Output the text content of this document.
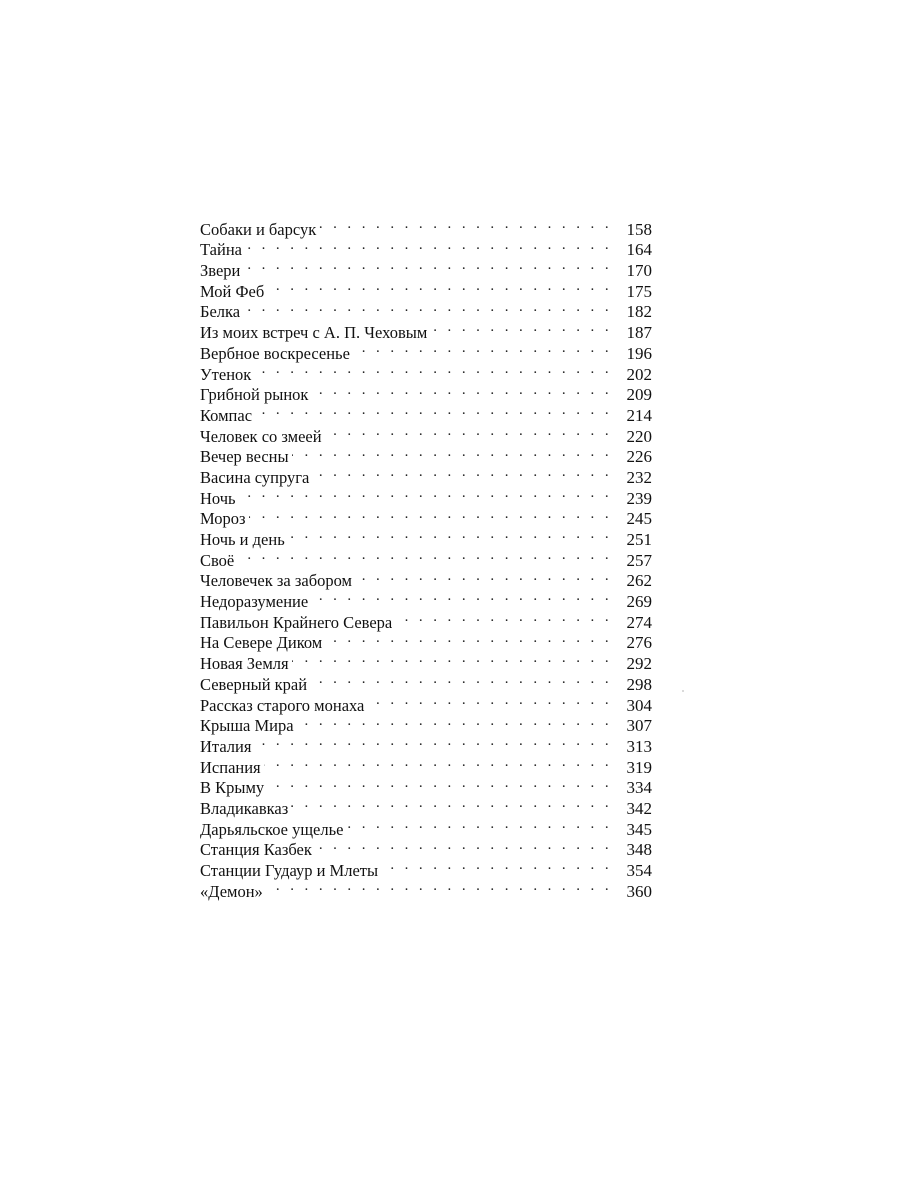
Собаки и барсук . . .	158
Тайна . . .	164
Звери . . .	170
Мой Феб . . .	175
Белка . . .	182
Из моих встреч с А. П. Чеховым . . .	187
Вербное воскресенье . . .	196
Утенок . . .	202
Грибной рынок . . .	209
Компас . . .	214
Человек со змеей . . .	220
Вечер весны . . .	226
Васина супруга . . .	232
Ночь . . .	239
Мороз . . .	245
Ночь и день . . .	251
Своё . . .	257
Человечек за забором . . .	262
Недоразумение . . .	269
Павильон Крайнего Севера . . .	274
На Севере Диком . . .	276
Новая Земля . . .	292
Северный край . . .	298
Рассказ старого монаха . . .	304
Крыша Мира . . .	307
Италия . . .	313
Испания . . .	319
В Крыму . . .	334
Владикавказ . . .	342
Дарьяльское ущелье . . .	345
Станция Казбек . . .	348
Станции Гудаур и Млеты . . .	354
«Демон» . . .	360
